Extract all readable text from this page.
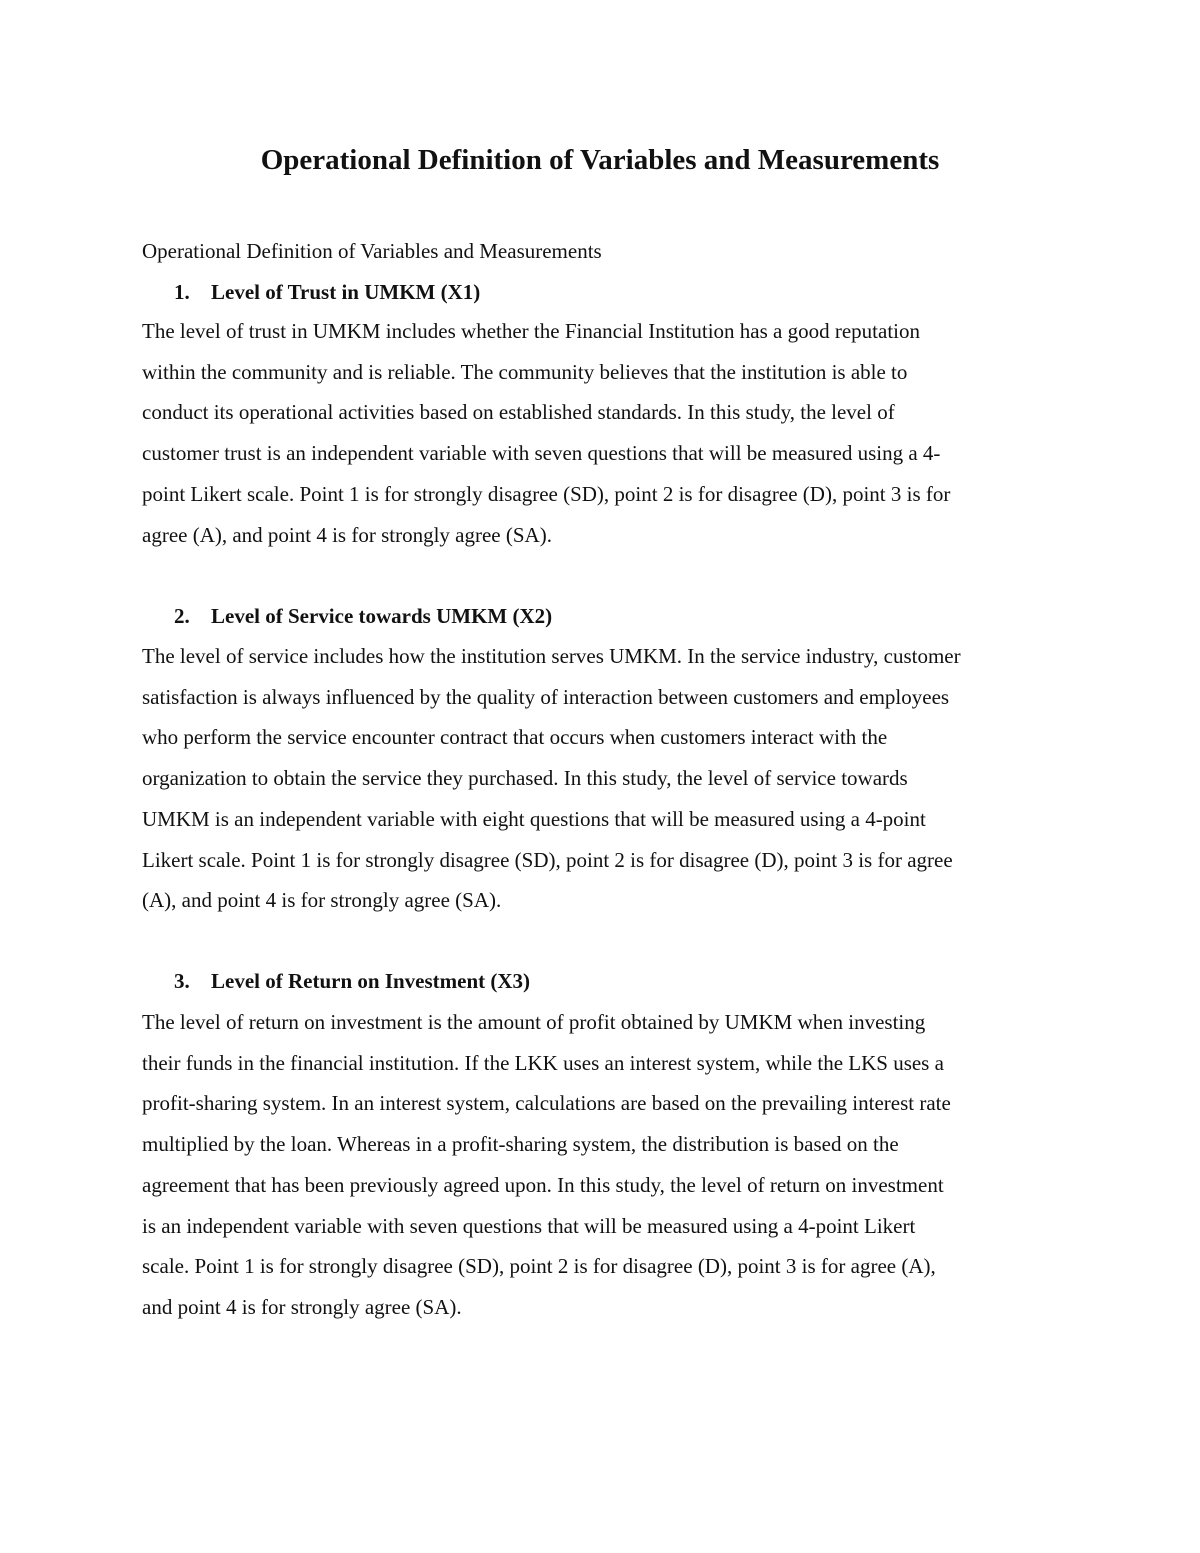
Operational Definition of Variables and Measurements

Operational Definition of Variables and Measurements

1. Level of Trust in UMKM (X1)

The level of trust in UMKM includes whether the Financial Institution has a good reputation
within the community and is reliable. The community believes that the institution is able to
conduct its operational activities based on established standards. In this study, the level of
customer trust is an independent variable with seven questions that will be measured using a 4-
point Likert scale. Point 1 is for strongly disagree (SD), point 2 is for disagree (D), point 3 is for
agree (A), and point 4 is for strongly agree (SA).

2. Level of Service towards UMKM (X2)

The level of service includes how the institution serves UMKM. In the service industry, customer
satisfaction is always influenced by the quality of interaction between customers and employees
who perform the service encounter contract that occurs when customers interact with the
organization to obtain the service they purchased. In this study, the level of service towards
UMKM is an independent variable with eight questions that will be measured using a 4-point
Likert scale. Point 1 is for strongly disagree (SD), point 2 is for disagree (D), point 3 is for agree
(A), and point 4 is for strongly agree (SA).

3. Level of Return on Investment (X3)

The level of return on investment is the amount of profit obtained by UMKM when investing
their funds in the financial institution. If the LKK uses an interest system, while the LKS uses a
profit-sharing system. In an interest system, calculations are based on the prevailing interest rate
multiplied by the loan. Whereas in a profit-sharing system, the distribution is based on the
agreement that has been previously agreed upon. In this study, the level of return on investment
is an independent variable with seven questions that will be measured using a 4-point Likert
scale. Point 1 is for strongly disagree (SD), point 2 is for disagree (D), point 3 is for agree (A),
and point 4 is for strongly agree (SA).
